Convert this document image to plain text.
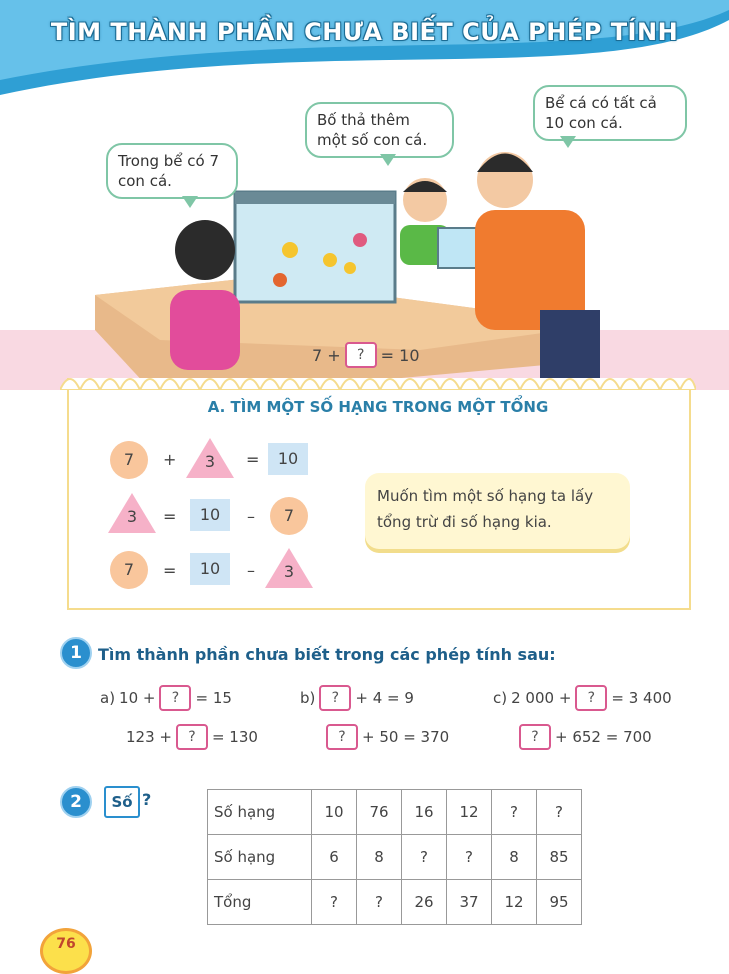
TÌM THÀNH PHẦN CHƯA BIẾT CỦA PHÉP TÍNH
Trong bể có 7 con cá.
Bố thả thêm một số con cá.
Bể cá có tất cả 10 con cá.
7 +	?	= 10
A. TÌM MỘT SỐ HẠNG TRONG MỘT TỔNG
7	+	3	=	10
3	=	10	–	7
7	=	10	–	3
Muốn tìm một số hạng ta lấy tổng trừ đi số hạng kia.
1	Tìm thành phần chưa biết trong các phép tính sau:
a) 10 +	?	= 15	b)	?	+ 4 = 9	c) 2 000 +	?	= 3 400
123 +	?	= 130	?	+ 50 = 370	?	+ 652 = 700
2	Số ?
Số hạng	10	76	16	12	?	?
Số hạng	6	8	?	?	8	85
Tổng	?	?	26	37	12	95
76
